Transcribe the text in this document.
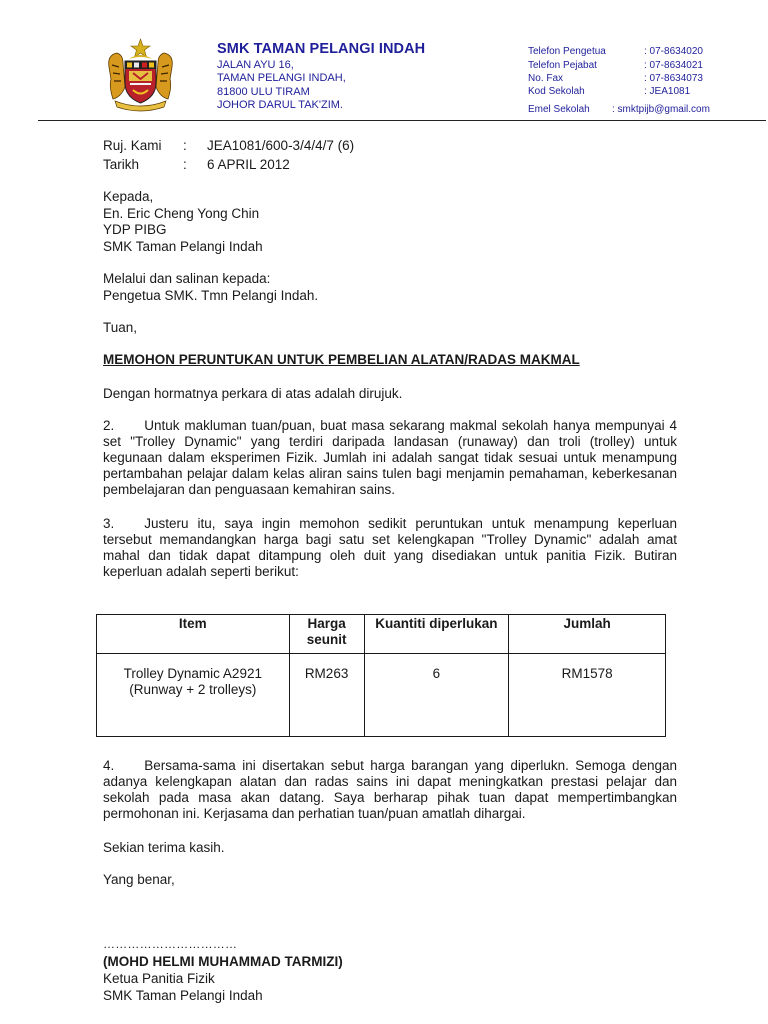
SMK TAMAN PELANGI INDAH
JALAN AYU 16,
TAMAN PELANGI INDAH,
81800 ULU TIRAM
JOHOR DARUL TAK'ZIM.
Telefon Pengetua	: 07-8634020
Telefon Pejabat	: 07-8634021
No. Fax	: 07-8634073
Kod Sekolah	: JEA1081
Emel Sekolah : smktpijb@gmail.com
Ruj. Kami : JEA1081/600-3/4/4/7 (6)
Tarikh	: 6 APRIL 2012
Kepada,
En. Eric Cheng Yong Chin
YDP PIBG
SMK Taman Pelangi Indah
Melalui dan salinan kepada:
Pengetua SMK. Tmn Pelangi Indah.
Tuan,
MEMOHON PERUNTUKAN UNTUK PEMBELIAN ALATAN/RADAS MAKMAL
Dengan hormatnya perkara di atas adalah dirujuk.
2. Untuk makluman tuan/puan, buat masa sekarang makmal sekolah hanya mempunyai 4 set "Trolley Dynamic" yang terdiri daripada landasan (runaway) dan troli (trolley) untuk kegunaan dalam eksperimen Fizik. Jumlah ini adalah sangat tidak sesuai untuk menampung pertambahan pelajar dalam kelas aliran sains tulen bagi menjamin pemahaman, keberkesanan pembelajaran dan penguasaan kemahiran sains.
3. Justeru itu, saya ingin memohon sedikit peruntukan untuk menampung keperluan tersebut memandangkan harga bagi satu set kelengkapan "Trolley Dynamic" adalah amat mahal dan tidak dapat ditampung oleh duit yang disediakan untuk panitia Fizik. Butiran keperluan adalah seperti berikut:
Item	Harga seunit	Kuantiti diperlukan	Jumlah
Trolley Dynamic A2921 (Runway + 2 trolleys)	RM263	6	RM1578
4. Bersama-sama ini disertakan sebut harga barangan yang diperlukn. Semoga dengan adanya kelengkapan alatan dan radas sains ini dapat meningkatkan prestasi pelajar dan sekolah pada masa akan datang. Saya berharap pihak tuan dapat mempertimbangkan permohonan ini. Kerjasama dan perhatian tuan/puan amatlah dihargai.
Sekian terima kasih.
Yang benar,
……………………………
(MOHD HELMI MUHAMMAD TARMIZI)
Ketua Panitia Fizik
SMK Taman Pelangi Indah
